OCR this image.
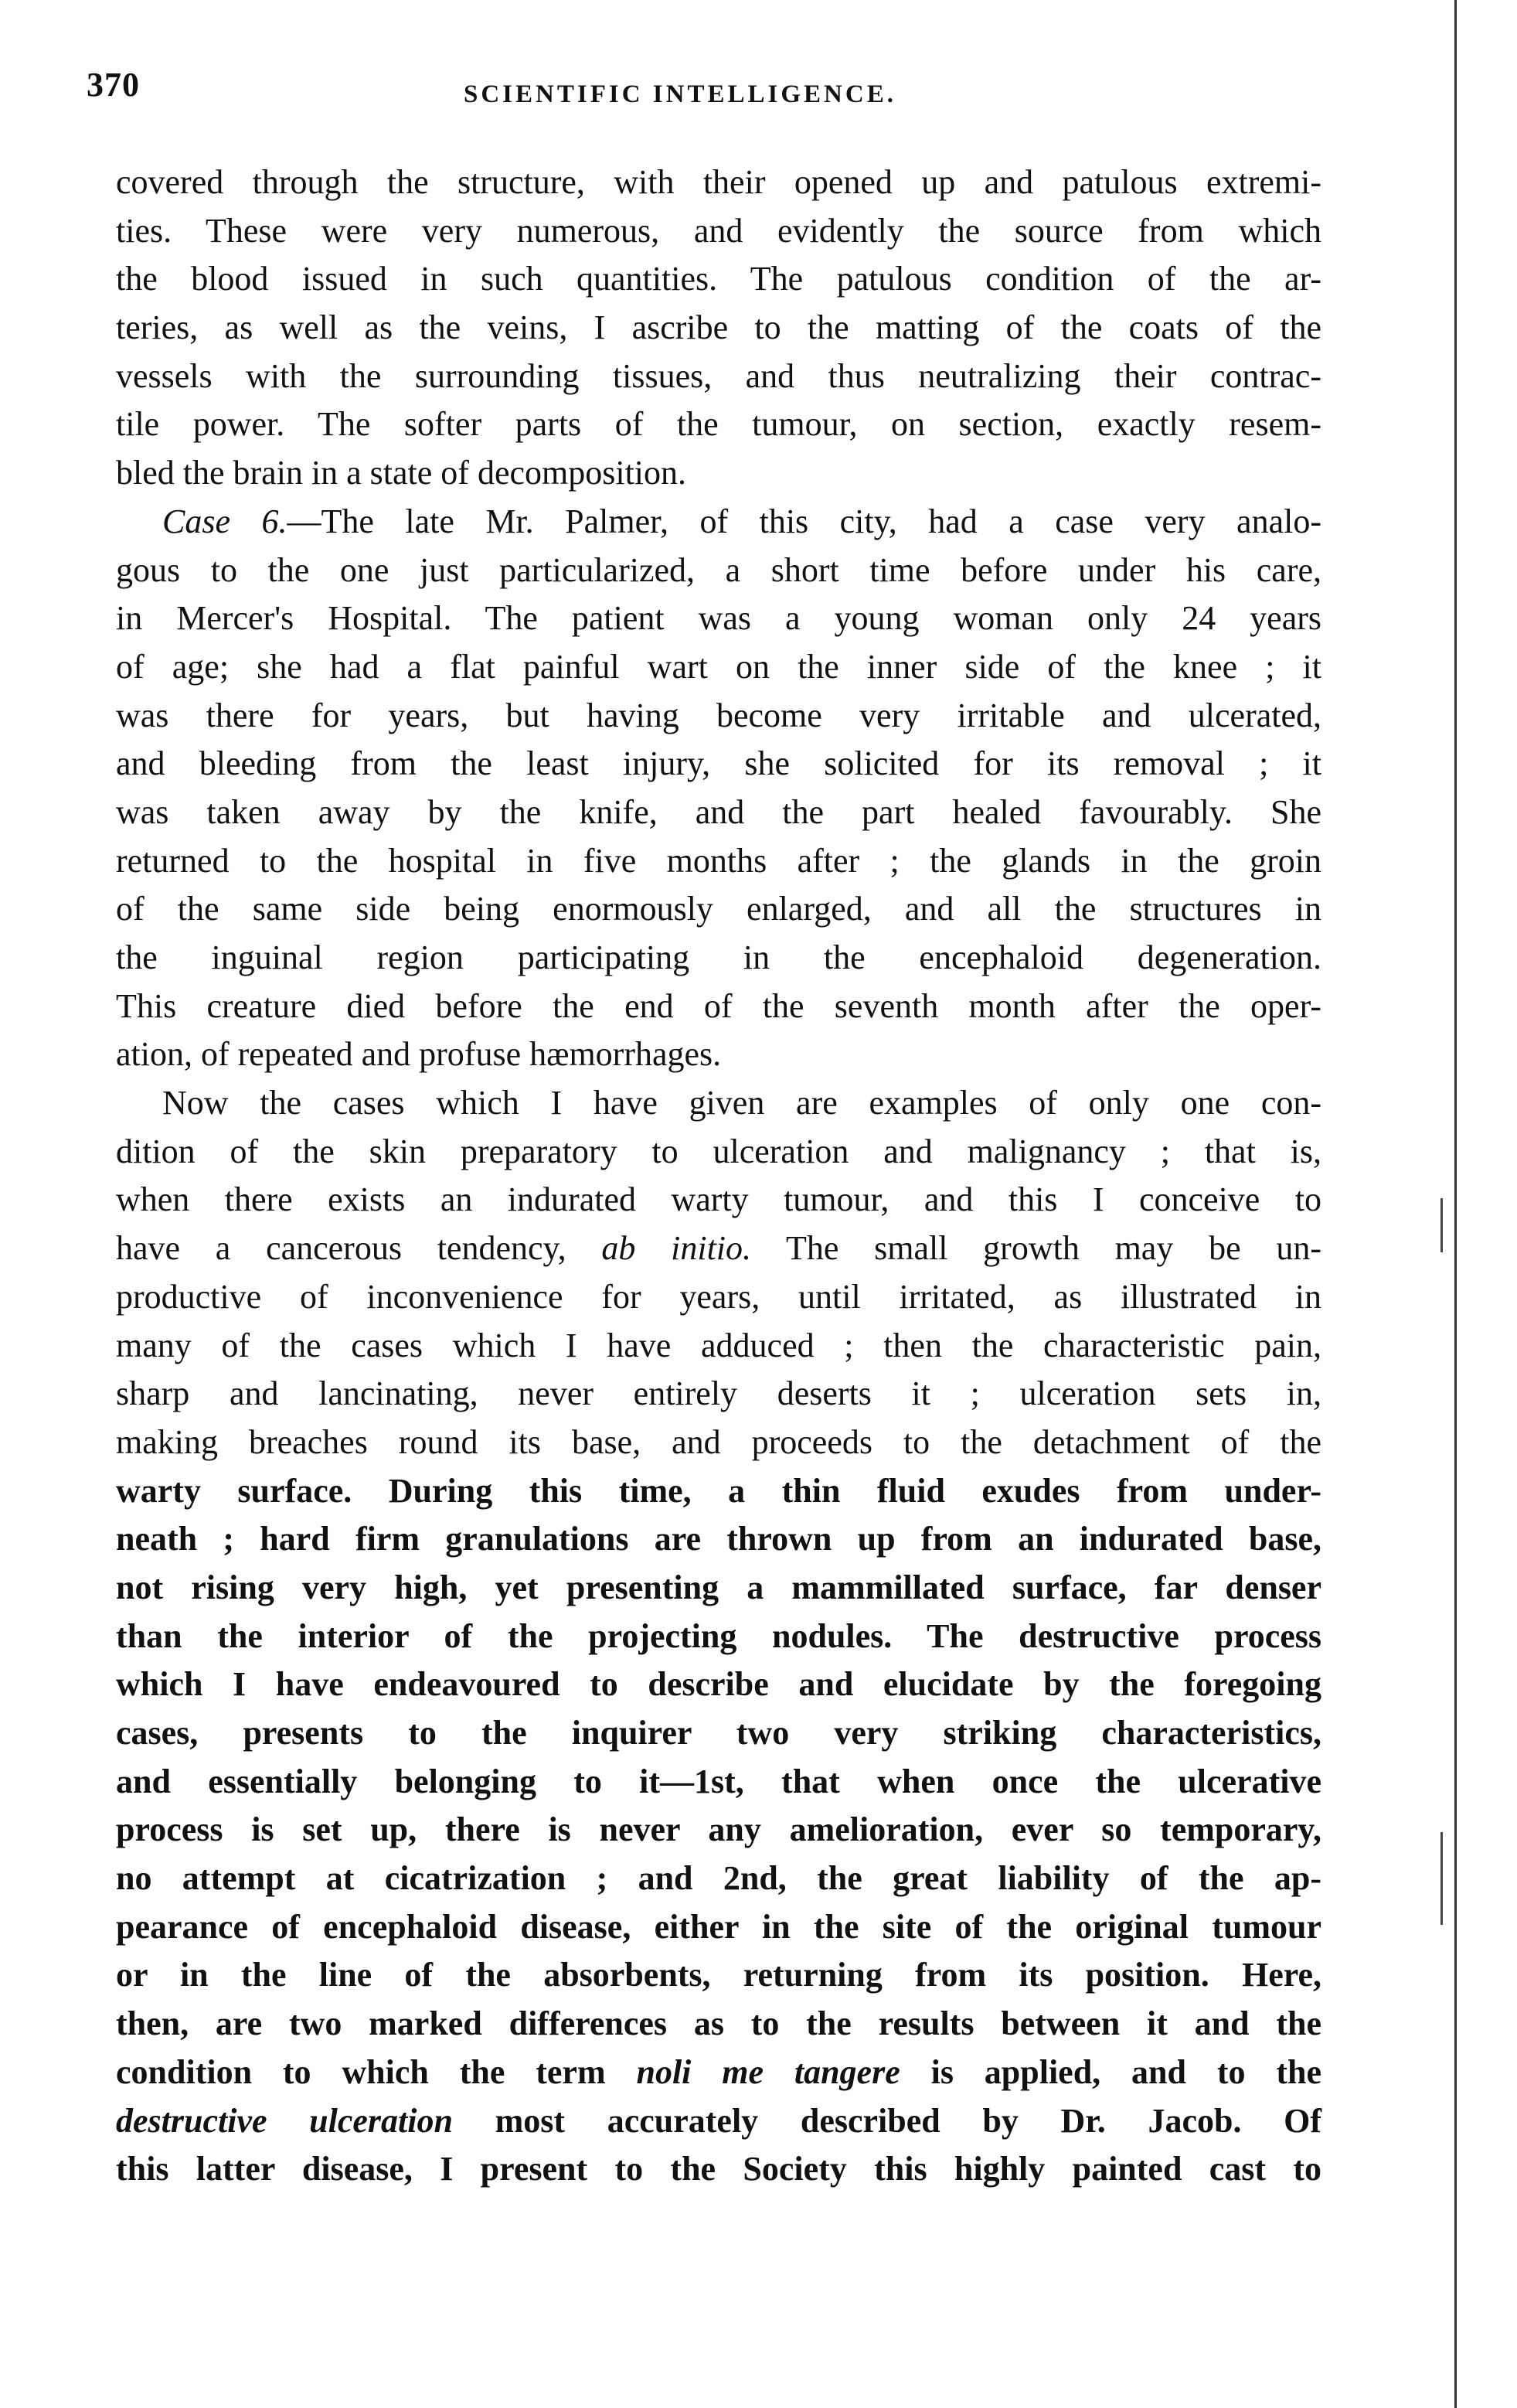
370	SCIENTIFIC INTELLIGENCE.
covered through the structure, with their opened up and patulous extremi-
ties. These were very numerous, and evidently the source from which
the blood issued in such quantities. The patulous condition of the ar-
teries, as well as the veins, I ascribe to the matting of the coats of the
vessels with the surrounding tissues, and thus neutralizing their contrac-
tile power. The softer parts of the tumour, on section, exactly resem-
bled the brain in a state of decomposition.
Case 6.—The late Mr. Palmer, of this city, had a case very analo-
gous to the one just particularized, a short time before under his care,
in Mercer's Hospital. The patient was a young woman only 24 years
of age; she had a flat painful wart on the inner side of the knee ; it
was there for years, but having become very irritable and ulcerated,
and bleeding from the least injury, she solicited for its removal ; it
was taken away by the knife, and the part healed favourably. She
returned to the hospital in five months after ; the glands in the groin
of the same side being enormously enlarged, and all the structures in
the inguinal region participating in the encephaloid degeneration.
This creature died before the end of the seventh month after the oper-
ation, of repeated and profuse hæmorrhages.
Now the cases which I have given are examples of only one con-
dition of the skin preparatory to ulceration and malignancy ; that is,
when there exists an indurated warty tumour, and this I conceive to
have a cancerous tendency, ab initio. The small growth may be un-
productive of inconvenience for years, until irritated, as illustrated in
many of the cases which I have adduced ; then the characteristic pain,
sharp and lancinating, never entirely deserts it ; ulceration sets in,
making breaches round its base, and proceeds to the detachment of the
warty surface. During this time, a thin fluid exudes from under-
neath ; hard firm granulations are thrown up from an indurated base,
not rising very high, yet presenting a mammillated surface, far denser
than the interior of the projecting nodules. The destructive process
which I have endeavoured to describe and elucidate by the foregoing
cases, presents to the inquirer two very striking characteristics,
and essentially belonging to it—1st, that when once the ulcerative
process is set up, there is never any amelioration, ever so temporary,
no attempt at cicatrization ; and 2nd, the great liability of the ap-
pearance of encephaloid disease, either in the site of the original tumour
or in the line of the absorbents, returning from its position. Here,
then, are two marked differences as to the results between it and the
condition to which the term noli me tangere is applied, and to the
destructive ulceration most accurately described by Dr. Jacob. Of
this latter disease, I present to the Society this highly painted cast to
